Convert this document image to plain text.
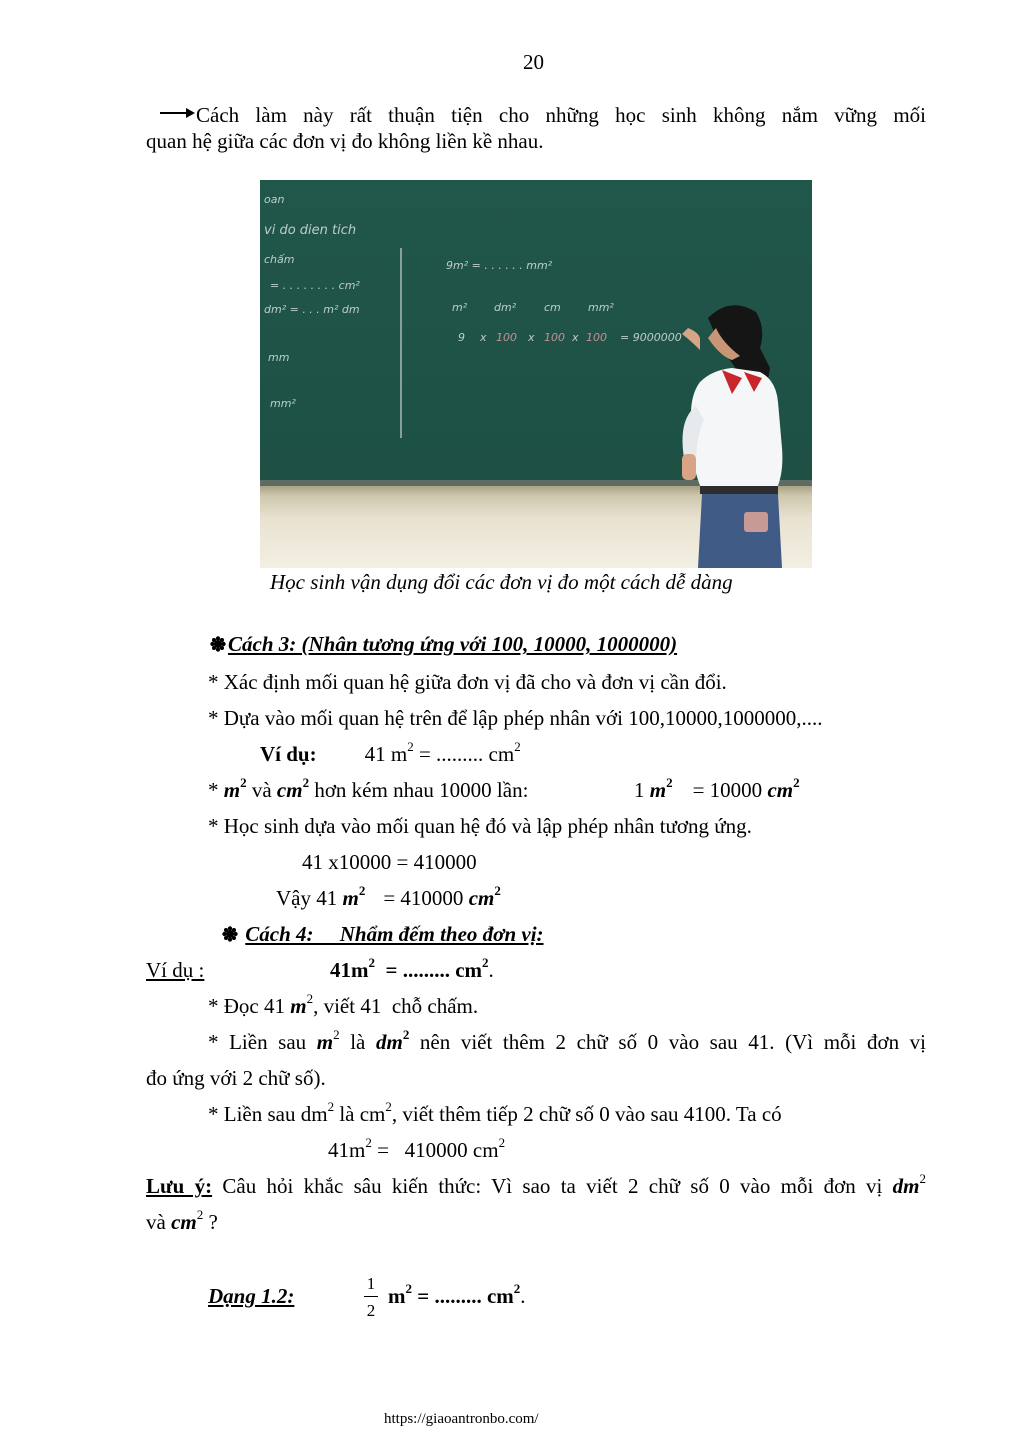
20
Cách làm này rất thuận tiện cho những học sinh không nắm vững mối
quan hệ giữa các đơn vị đo không liền kề nhau.
oan
vi do dien tich
chấm
= . . . . . . . . cm²
dm² = . . . m² dm
mm
mm²
9m² = . . . . . . mm²
m² dm²	cm mm²
9 x 100 x 100 x 100 = 9000000
Học sinh vận dụng đổi các đơn vị đo một cách dễ dàng
Cách 3: (Nhân tương ứng với 100, 10000, 1000000)
* Xác định mối quan hệ giữa đơn vị đã cho và đơn vị cần đổi.
* Dựa vào mối quan hệ trên để lập phép nhân với 100,10000,1000000,....
Ví dụ: 41 $m^2$ = ......... $cm^2$
* $m^2$ và $cm^2$ hơn kém nhau 10000 lần:	1 $m^2 = 10000$ $cm^2$
* Học sinh dựa vào mối quan hệ đó và lập phép nhân tương ứng.
41 x10000 = 410000
Vậy 41 $m^2 = 410000$ $cm^2$
Cách 4:     Nhẩm đếm theo đơn vị:
Ví dụ :	$41m^2$  = ......... $cm^2$.
* Đọc 41 $m^2$, viết 41  chỗ chấm.
* Liền sau $m^2$ là $dm^2$ nên viết thêm 2 chữ số 0 vào sau 41. (Vì mỗi đơn vị
đo ứng với 2 chữ số).
* Liền sau $dm^2$ là $cm^2$, viết thêm tiếp 2 chữ số 0 vào sau 4100. Ta có
$41m^2 = 410000$ $cm^2$
Lưu ý: Câu hỏi khắc sâu kiến thức: Vì sao ta viết 2 chữ số 0 vào mỗi đơn vị $dm^2$
và $cm^2$ ?
Dạng 1.2:
1
2
$m^2$ = ......... $cm^2$.
https://giaoantronbo.com/
